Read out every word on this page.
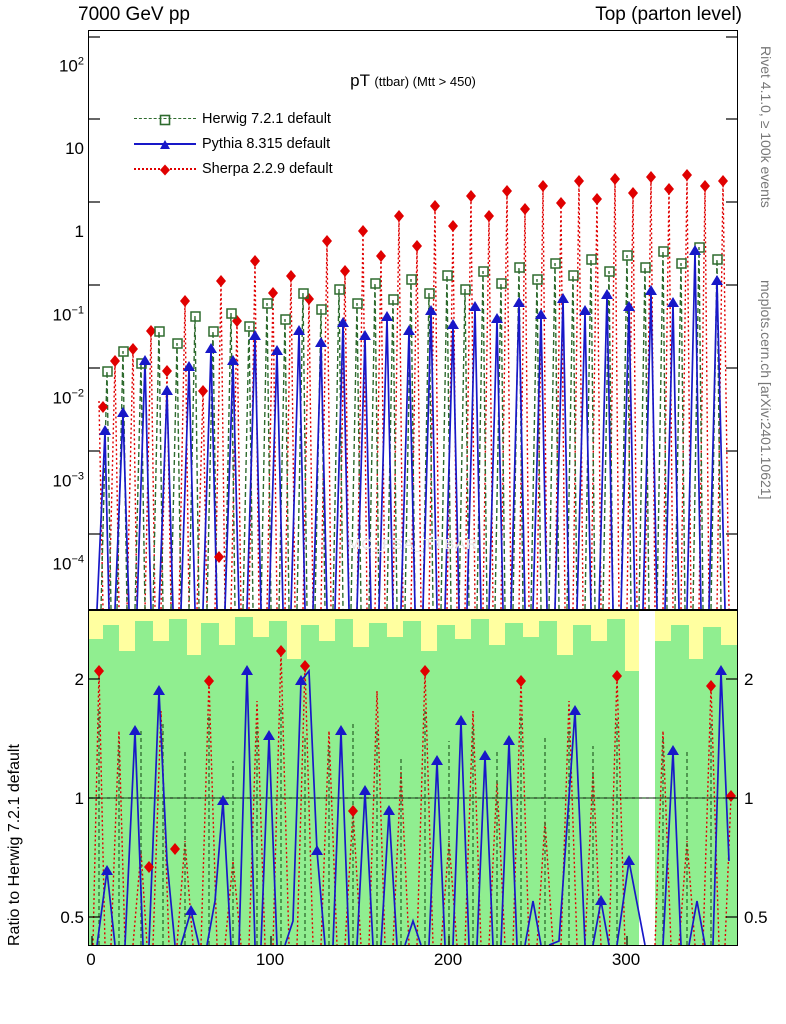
7000 GeV pp	Top (parton level)
pT (ttbar) (Mtt > 450)
Herwig 7.2.1 default
Pythia 8.315 default
Sherpa 2.2.9 default
MC_FSA_TTBAR
$10^2$
10
1
$10^{-1}$
$10^{-2}$
$10^{-3}$
$10^{-4}$
Rivet 4.1.0, ≥ 100k events
mcplots.cern.ch [arXiv:2401.10621]
2
1
0.5
2
1
0.5
Ratio to Herwig 7.2.1 default
0	100	200	300
